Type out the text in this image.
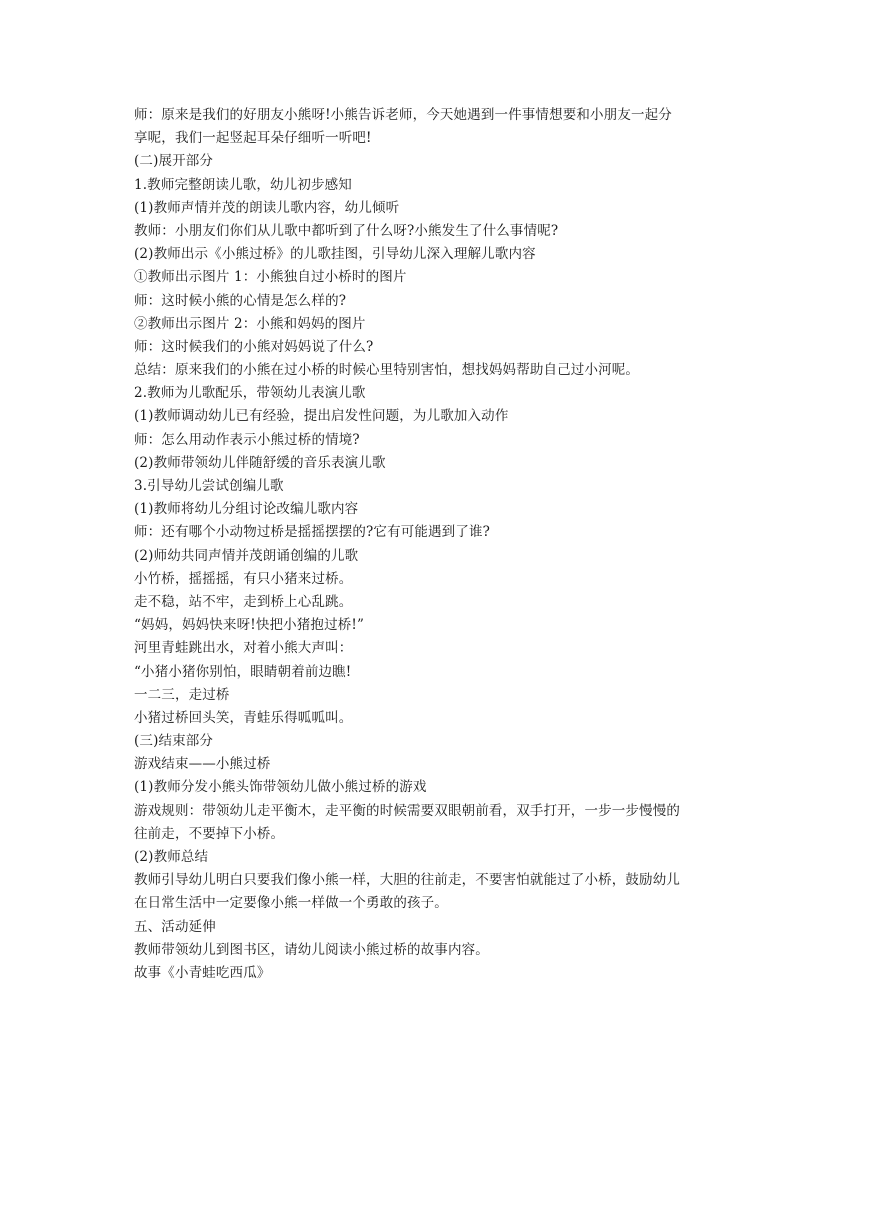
师：原来是我们的好朋友小熊呀!小熊告诉老师，今天她遇到一件事情想要和小朋友一起分
享呢，我们一起竖起耳朵仔细听一听吧!
(二)展开部分
1.教师完整朗读儿歌，幼儿初步感知
(1)教师声情并茂的朗读儿歌内容，幼儿倾听
教师：小朋友们你们从儿歌中都听到了什么呀?小熊发生了什么事情呢?
(2)教师出示《小熊过桥》的儿歌挂图，引导幼儿深入理解儿歌内容
①教师出示图片 1：小熊独自过小桥时的图片
师：这时候小熊的心情是怎么样的?
②教师出示图片 2：小熊和妈妈的图片
师：这时候我们的小熊对妈妈说了什么?
总结：原来我们的小熊在过小桥的时候心里特别害怕，想找妈妈帮助自己过小河呢。
2.教师为儿歌配乐，带领幼儿表演儿歌
(1)教师调动幼儿已有经验，提出启发性问题，为儿歌加入动作
师：怎么用动作表示小熊过桥的情境?
(2)教师带领幼儿伴随舒缓的音乐表演儿歌
3.引导幼儿尝试创编儿歌
(1)教师将幼儿分组讨论改编儿歌内容
师：还有哪个小动物过桥是摇摇摆摆的?它有可能遇到了谁?
(2)师幼共同声情并茂朗诵创编的儿歌
小竹桥，摇摇摇，有只小猪来过桥。
走不稳，站不牢，走到桥上心乱跳。
“妈妈，妈妈快来呀!快把小猪抱过桥!”
河里青蛙跳出水，对着小熊大声叫：
“小猪小猪你别怕，眼睛朝着前边瞧!
一二三，走过桥
小猪过桥回头笑，青蛙乐得呱呱叫。
(三)结束部分
游戏结束——小熊过桥
(1)教师分发小熊头饰带领幼儿做小熊过桥的游戏
游戏规则：带领幼儿走平衡木，走平衡的时候需要双眼朝前看，双手打开，一步一步慢慢的
往前走，不要掉下小桥。
(2)教师总结
教师引导幼儿明白只要我们像小熊一样，大胆的往前走，不要害怕就能过了小桥，鼓励幼儿
在日常生活中一定要像小熊一样做一个勇敢的孩子。
五、活动延伸
教师带领幼儿到图书区，请幼儿阅读小熊过桥的故事内容。
故事《小青蛙吃西瓜》
